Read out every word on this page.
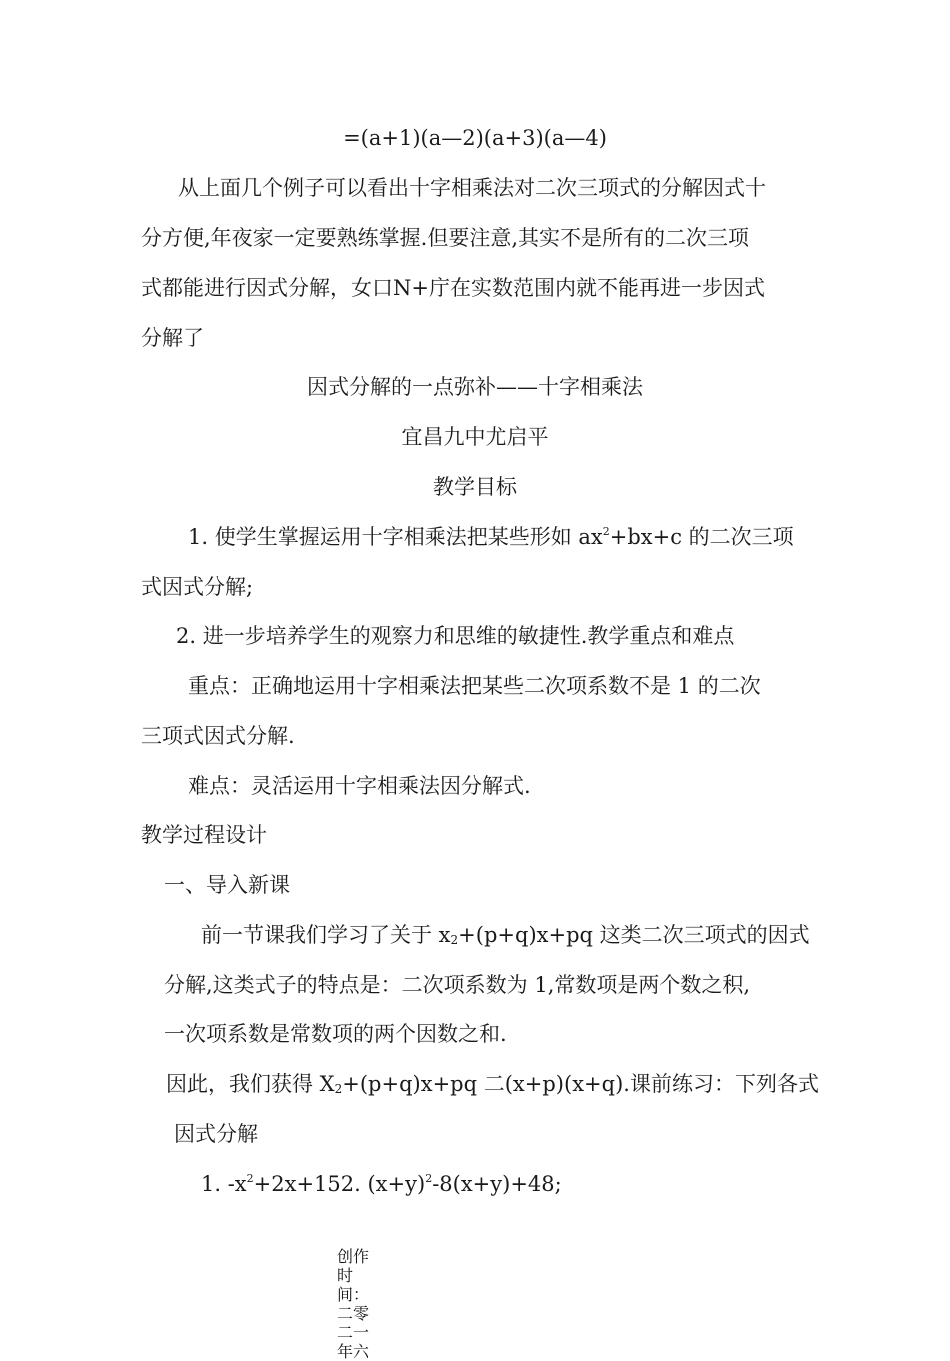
=(a+1)(a—2)(a+3)(a—4)
从上面几个例子可以看出十字相乘法对二次三项式的分解因式十
分方便,年夜家一定要熟练掌握.但要注意,其实不是所有的二次三项
式都能进行因式分解，女口N+庁在实数范围内就不能再进一步因式
分解了
因式分解的一点弥补——十字相乘法
宜昌九中尤启平
教学目标
1. 使学生掌握运用十字相乘法把某些形如 $ax^2+bx+c$ 的二次三项
式因式分解;
2. 进一步培养学生的观察力和思维的敏捷性.教学重点和难点
重点：正确地运用十字相乘法把某些二次项系数不是 1 的二次
三项式因式分解.
难点：灵活运用十字相乘法因分解式.
教学过程设计
一、导入新课
前一节课我们学习了关于 $x_2+(p+q)x+pq$ 这类二次三项式的因式
分解,这类式子的特点是：二次项系数为 1,常数项是两个数之积,
一次项系数是常数项的两个因数之和.
因此，我们获得 $X_2+(p+q)x+pq$ 二(x+p)(x+q).课前练习：下列各式
因式分解
1. $-x^2+2x+152$. $(x+y)^2-8(x+y)+48$;
创作时间：二零二一年六
